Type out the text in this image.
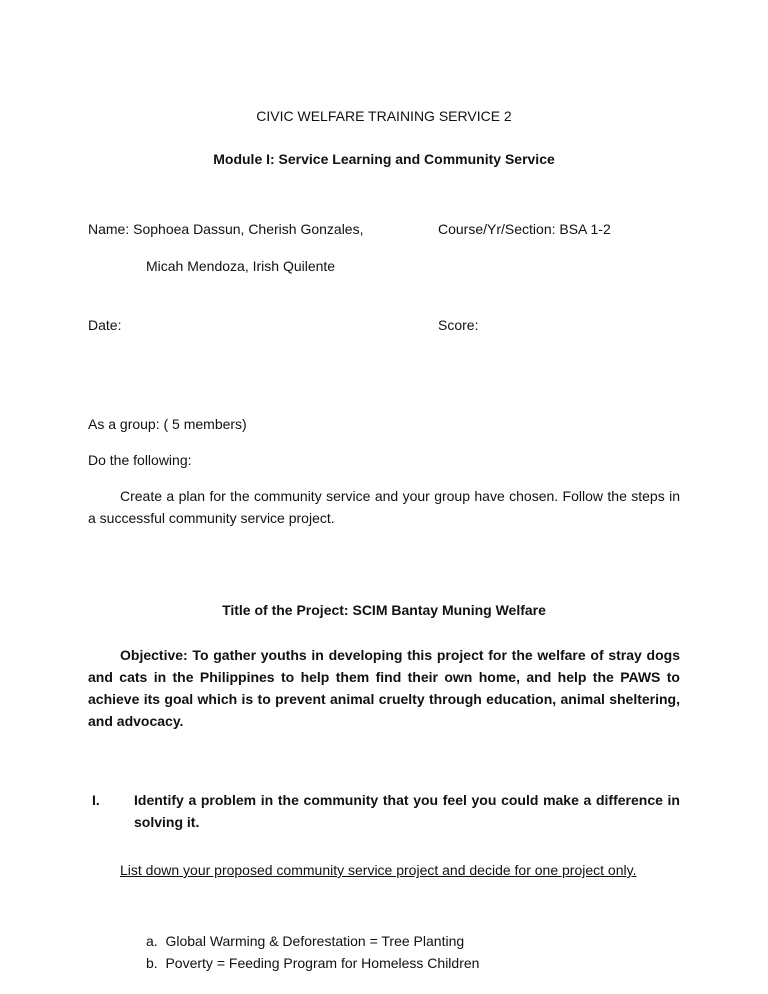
CIVIC WELFARE TRAINING SERVICE 2
Module I: Service Learning and Community Service
Name: Sophoea Dassun, Cherish Gonzales,	Course/Yr/Section: BSA 1-2
Micah Mendoza, Irish Quilente
Date:	Score:
As a group: ( 5 members)
Do the following:
Create a plan for the community service and your group have chosen. Follow the steps in a successful community service project.
Title of the Project: SCIM Bantay Muning Welfare
Objective: To gather youths in developing this project for the welfare of stray dogs and cats in the Philippines to help them find their own home, and help the PAWS to achieve its goal which is to prevent animal cruelty through education, animal sheltering, and advocacy.
I. Identify a problem in the community that you feel you could make a difference in solving it.
List down your proposed community service project and decide for one project only.
a. Global Warming & Deforestation = Tree Planting
b. Poverty = Feeding Program for Homeless Children
